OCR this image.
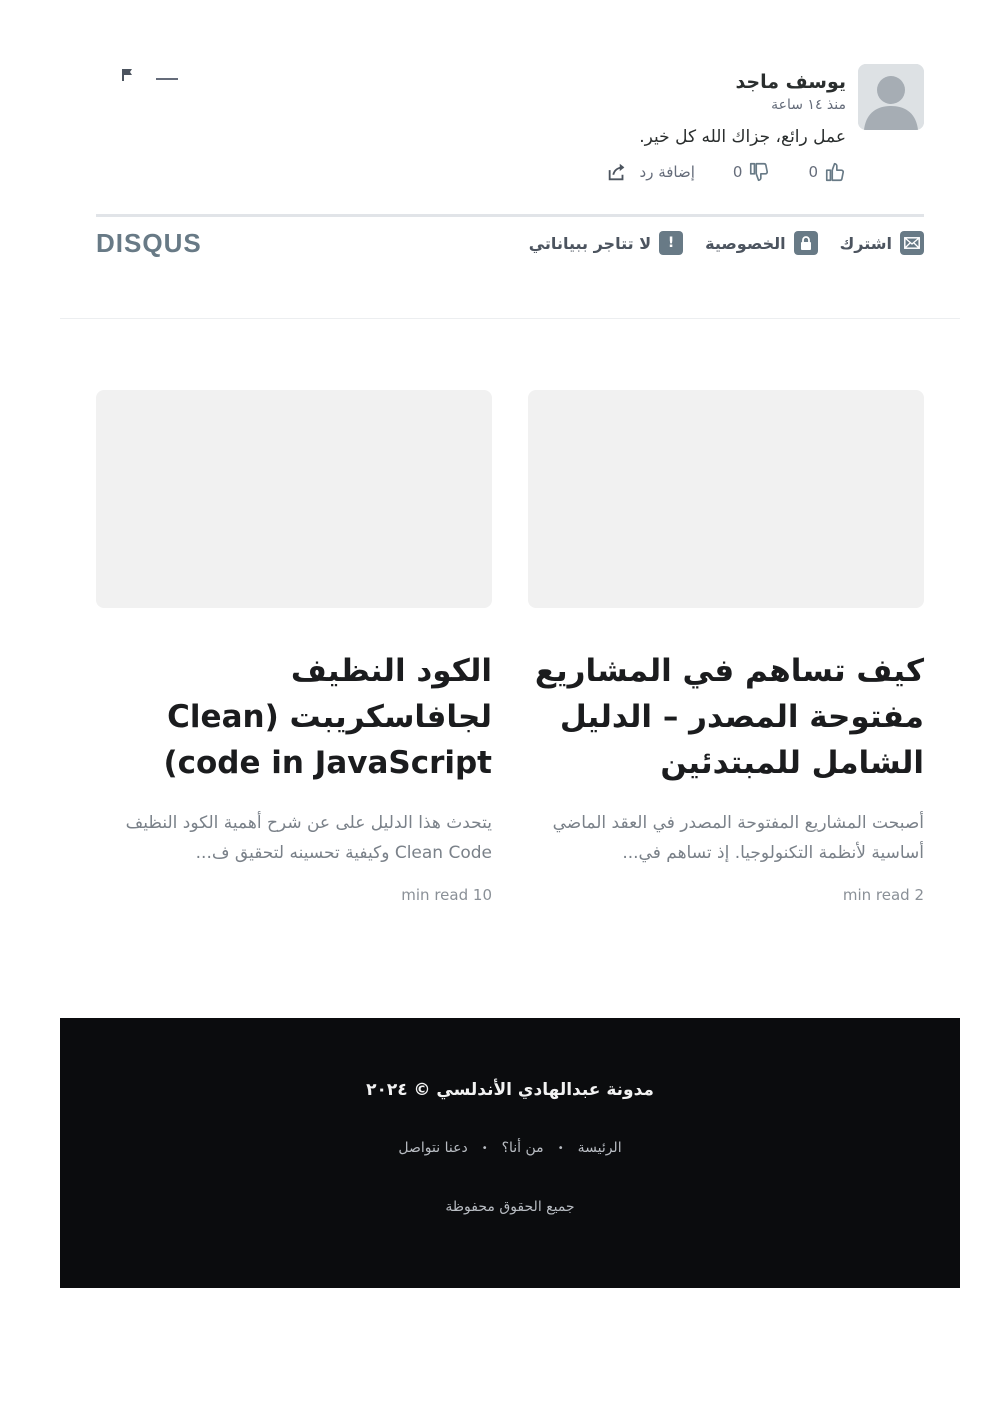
يوسف ماجد
منذ ١٤ ساعة
عمل رائع، جزاك الله كل خير.
0
0
إضافة رد
اشترك
الخصوصية
!
لا تتاجر ببياناتي
DISQUS
كيف تساهم في المشاريع مفتوحة المصدر – الدليل الشامل للمبتدئين
أصبحت المشاريع المفتوحة المصدر في العقد الماضي أساسية لأنظمة التكنولوجيا. إذ تساهم في...
2 min read
الكود النظيف لجافاسكريبت (Clean code in JavaScript)
يتحدث هذا الدليل على عن شرح أهمية الكود النظيف Clean Code وكيفية تحسينه لتحقيق ف...
10 min read
مدونة عبدالهادي الأندلسي © ٢٠٢٤
الرئيسة
•
من أنا؟
•
دعنا نتواصل
جميع الحقوق محفوظة
